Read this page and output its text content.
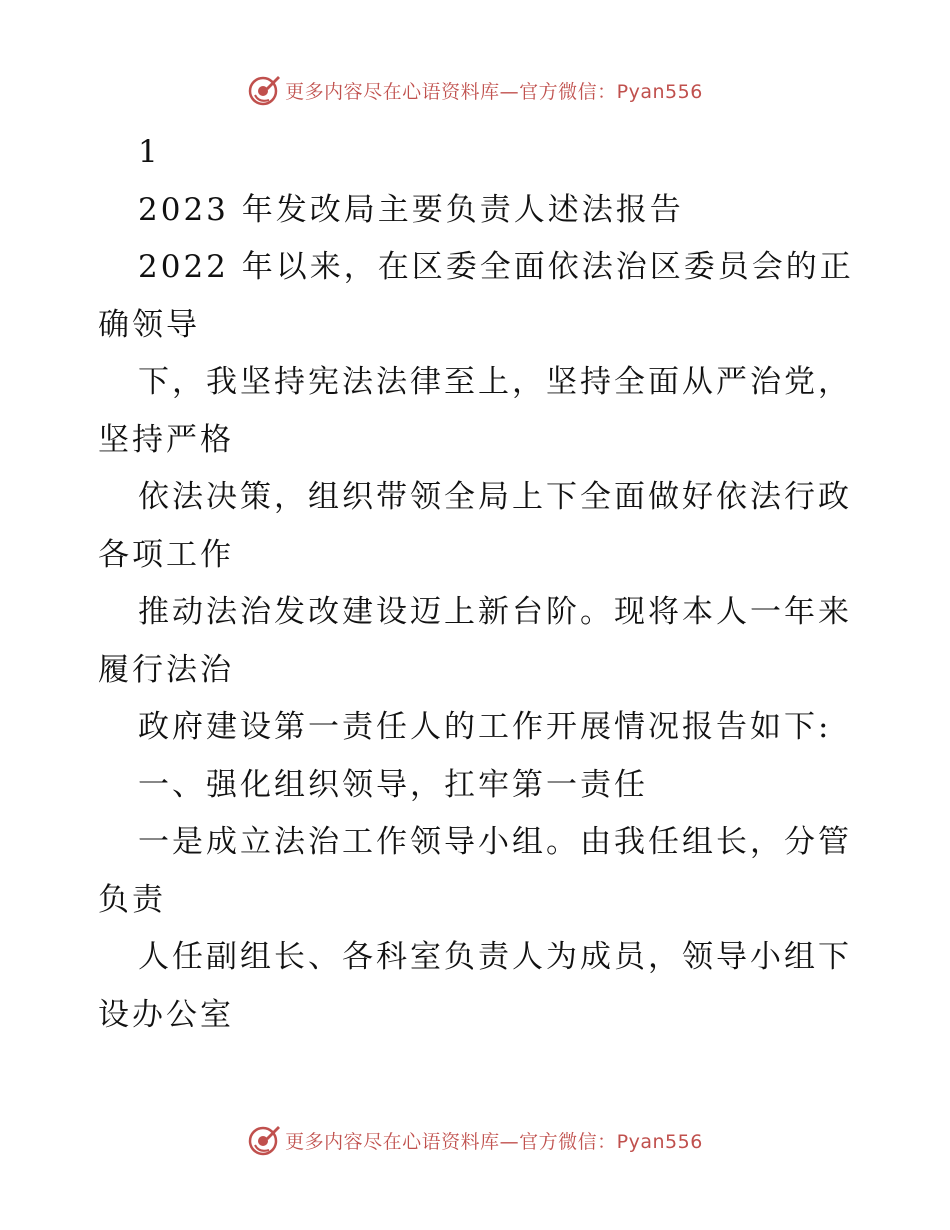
更多内容尽在心语资料库—官方微信：Pyan556
1
2023 年发改局主要负责人述法报告
2022 年以来，在区委全面依法治区委员会的正
确领导
下，我坚持宪法法律至上，坚持全面从严治党，
坚持严格
依法决策，组织带领全局上下全面做好依法行政
各项工作
推动法治发改建设迈上新台阶。现将本人一年来
履行法治
政府建设第一责任人的工作开展情况报告如下:
一、强化组织领导，扛牢第一责任
一是成立法治工作领导小组。由我任组长，分管
负责
人任副组长、各科室负责人为成员，领导小组下
设办公室
更多内容尽在心语资料库—官方微信：Pyan556
